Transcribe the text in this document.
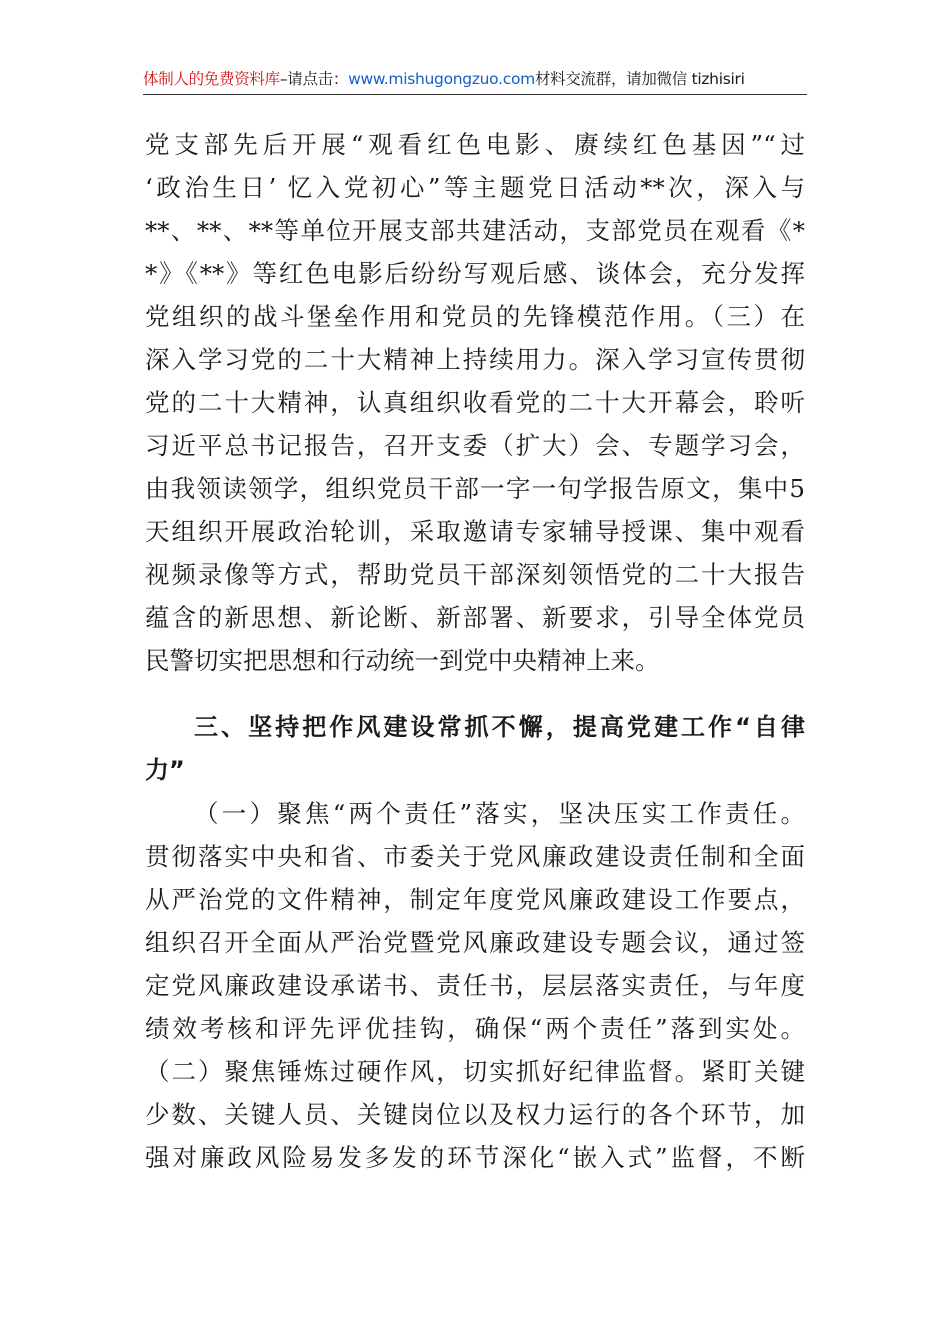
体制人的免费资料库–请点击：www.mishugongzuo.com材料交流群，请加微信 tizhisiri
党支部先后开展“观看红色电影、赓续红色基因”“过
‘政治生日’ 忆入党初心”等主题党日活动**次，深入与
**、**、**等单位开展支部共建活动，支部党员在观看《*
*》《**》等红色电影后纷纷写观后感、谈体会，充分发挥
党组织的战斗堡垒作用和党员的先锋模范作用。（三）在
深入学习党的二十大精神上持续用力。深入学习宣传贯彻
党的二十大精神，认真组织收看党的二十大开幕会，聆听
习近平总书记报告，召开支委（扩大）会、专题学习会，
由我领读领学，组织党员干部一字一句学报告原文，集中5
天组织开展政治轮训，采取邀请专家辅导授课、集中观看
视频录像等方式，帮助党员干部深刻领悟党的二十大报告
蕴含的新思想、新论断、新部署、新要求，引导全体党员
民警切实把思想和行动统一到党中央精神上来。
三、坚持把作风建设常抓不懈，提高党建工作“自律
力”
（一）聚焦“两个责任”落实，坚决压实工作责任。
贯彻落实中央和省、市委关于党风廉政建设责任制和全面
从严治党的文件精神，制定年度党风廉政建设工作要点，
组织召开全面从严治党暨党风廉政建设专题会议，通过签
定党风廉政建设承诺书、责任书，层层落实责任，与年度
绩效考核和评先评优挂钩，确保“两个责任”落到实处。
（二）聚焦锤炼过硬作风，切实抓好纪律监督。紧盯关键
少数、关键人员、关键岗位以及权力运行的各个环节，加
强对廉政风险易发多发的环节深化“嵌入式”监督，不断
